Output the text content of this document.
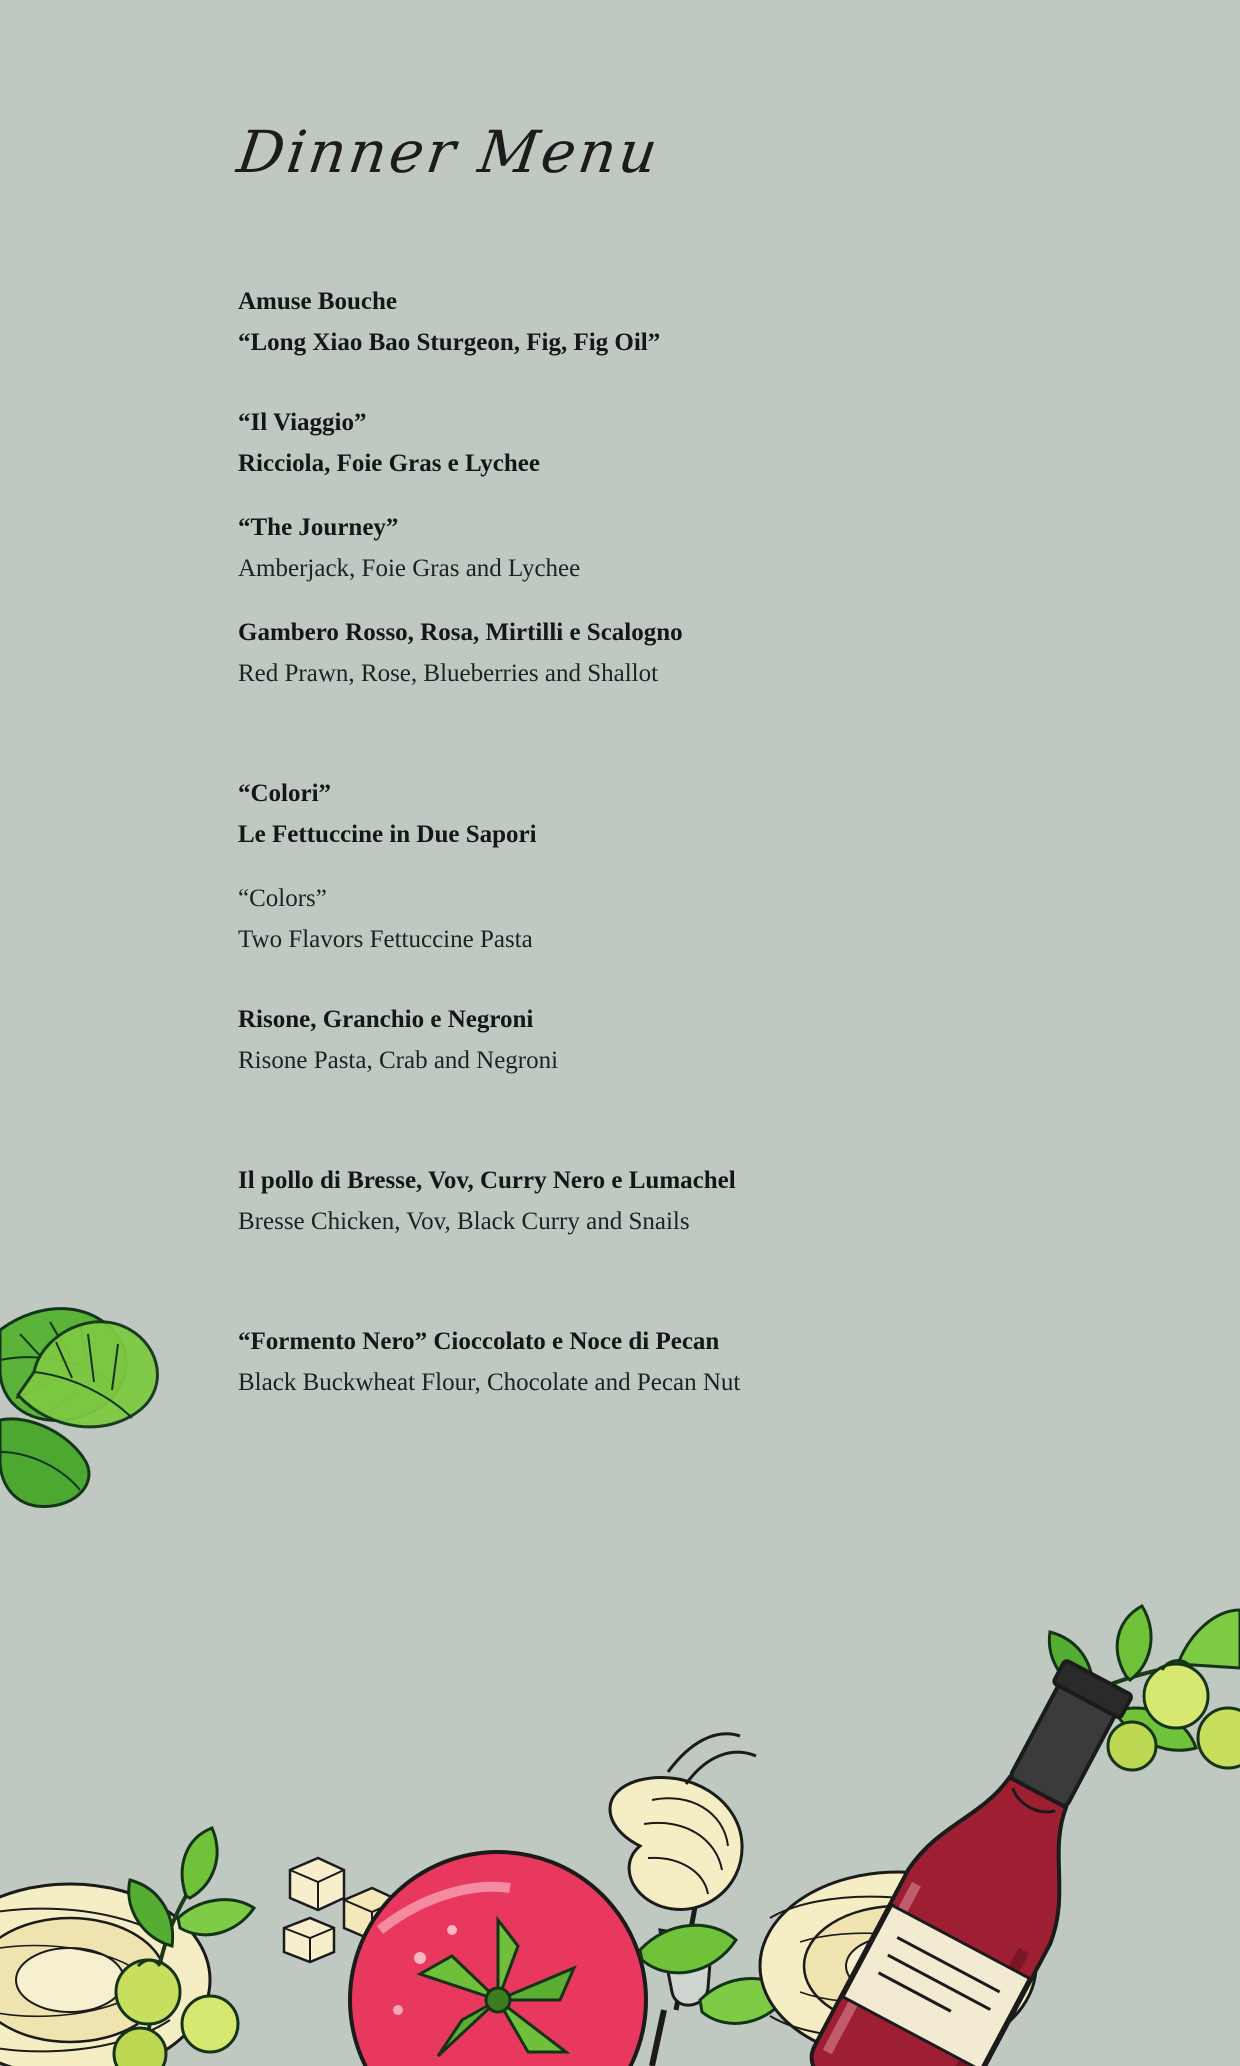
Dinner Menu
Amuse Bouche
“Long Xiao Bao Sturgeon, Fig, Fig Oil”
“Il Viaggio”
Ricciola, Foie Gras e Lychee
“The Journey”
Amberjack, Foie Gras and Lychee
Gambero Rosso, Rosa, Mirtilli e Scalogno
Red Prawn, Rose, Blueberries and Shallot
“Colori”
Le Fettuccine in Due Sapori
“Colors”
Two Flavors Fettuccine Pasta
Risone, Granchio e Negroni
Risone Pasta, Crab and Negroni
Il pollo di Bresse, Vov, Curry Nero e Lumachel
Bresse Chicken, Vov, Black Curry and Snails
“Formento Nero” Cioccolato e Noce di Pecan
Black Buckwheat Flour, Chocolate and Pecan Nut
